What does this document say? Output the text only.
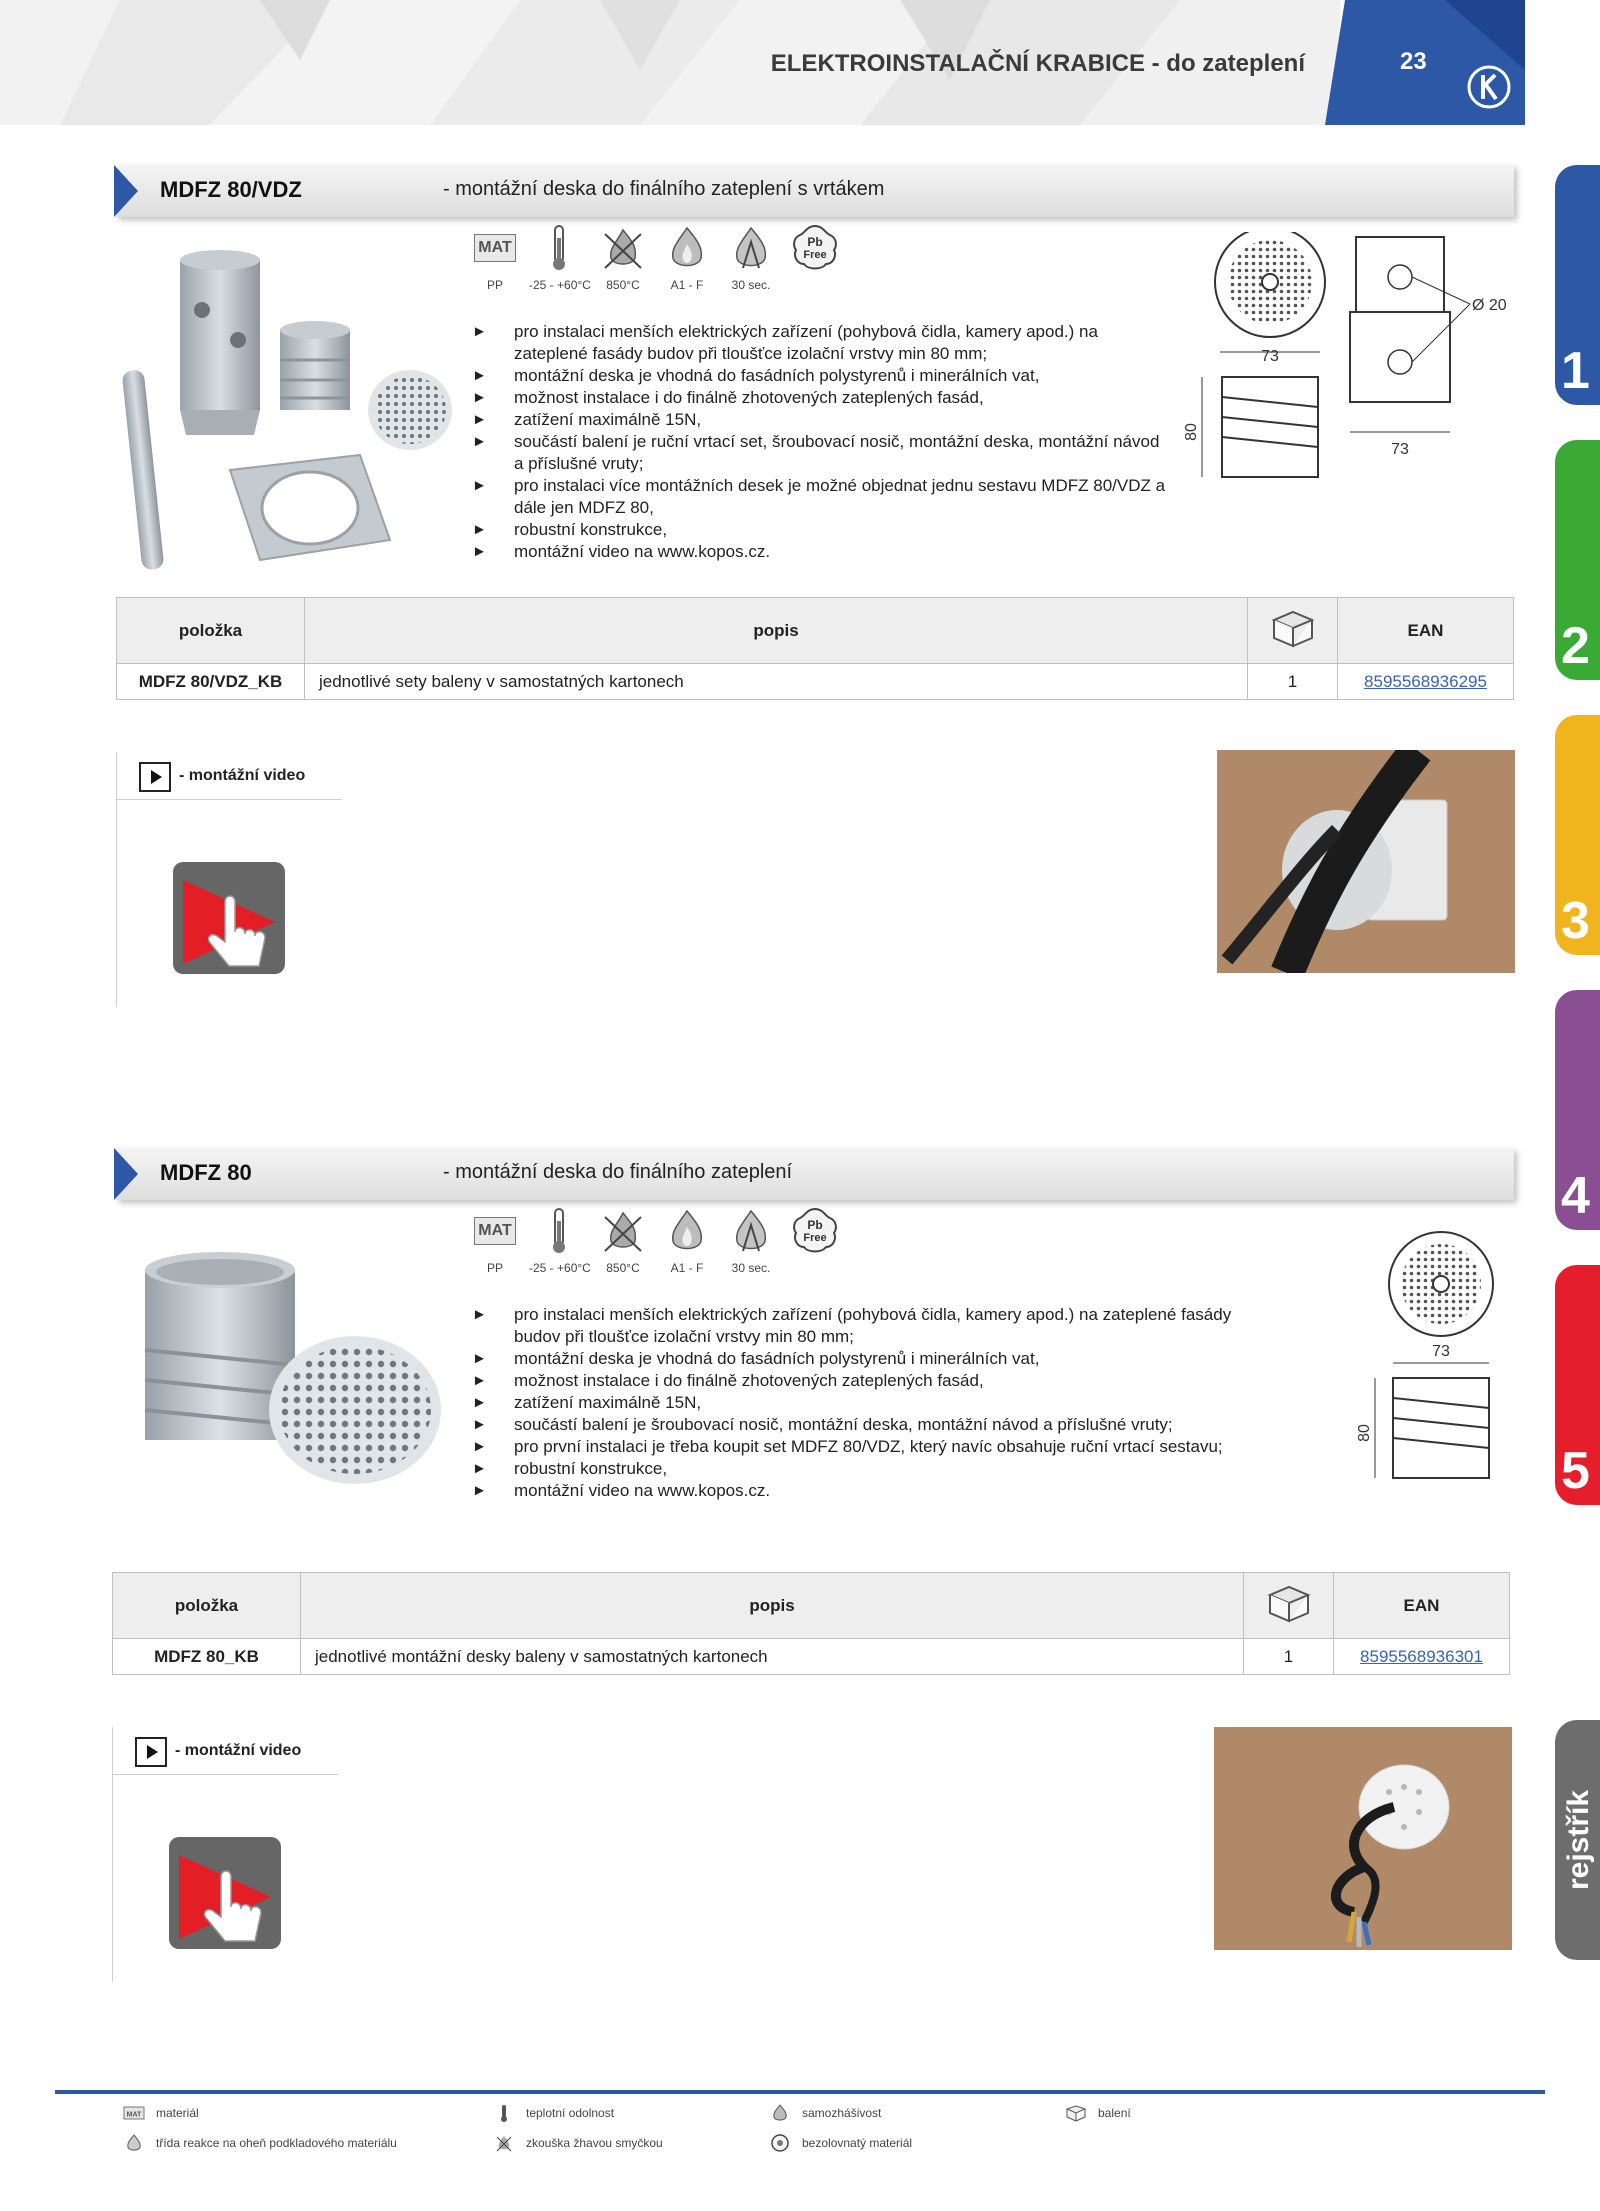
ELEKTROINSTALAČNÍ KRABICE - do zateplení	23
1
2
3
4
5
rejstřík
MDFZ 80/VDZ	- montážní deska do finálního zateplení s vrtákem
MAT
PP	-25 - +60°C	850°C	A1 - F	30 sec.
Pb
Free
► pro instalaci menších elektrických zařízení (pohybová čidla, kamery apod.) na zateplené fasády budov při tloušťce izolační vrstvy min 80 mm;
► montážní deska je vhodná do fasádních polystyrenů i minerálních vat,
► možnost instalace i do finálně zhotovených zateplených fasád,
► zatížení maximálně 15N,
► součástí balení je ruční vrtací set, šroubovací nosič, montážní deska, montážní návod a příslušné vruty;
► pro instalaci více montážních desek je možné objednat jednu sestavu MDFZ 80/VDZ a dále jen MDFZ 80,
► robustní konstrukce,
► montážní video na www.kopos.cz.
73
80
Ø 20
73
položka	popis		EAN
MDFZ 80/VDZ_KB	jednotlivé sety baleny v samostatných kartonech	1	8595568936295
- montážní video
MDFZ 80	- montážní deska do finálního zateplení
MAT
PP	-25 - +60°C	850°C	A1 - F	30 sec.
Pb
Free
► pro instalaci menších elektrických zařízení (pohybová čidla, kamery apod.) na zateplené fasády budov při tloušťce izolační vrstvy min 80 mm;
► montážní deska je vhodná do fasádních polystyrenů i minerálních vat,
► možnost instalace i do finálně zhotovených zateplených fasád,
► zatížení maximálně 15N,
► součástí balení je šroubovací nosič, montážní deska, montážní návod a příslušné vruty;
► pro první instalaci je třeba koupit set MDFZ 80/VDZ, který navíc obsahuje ruční vrtací sestavu;
► robustní konstrukce,
► montážní video na www.kopos.cz.
73
80
položka	popis		EAN
MDFZ 80_KB	jednotlivé montážní desky baleny v samostatných kartonech	1	8595568936301
- montážní video
MAT materiál	teplotní odolnost	samozhášivost	balení
třída reakce na oheň podkladového materiálu	zkouška žhavou smyčkou	bezolovnatý materiál
